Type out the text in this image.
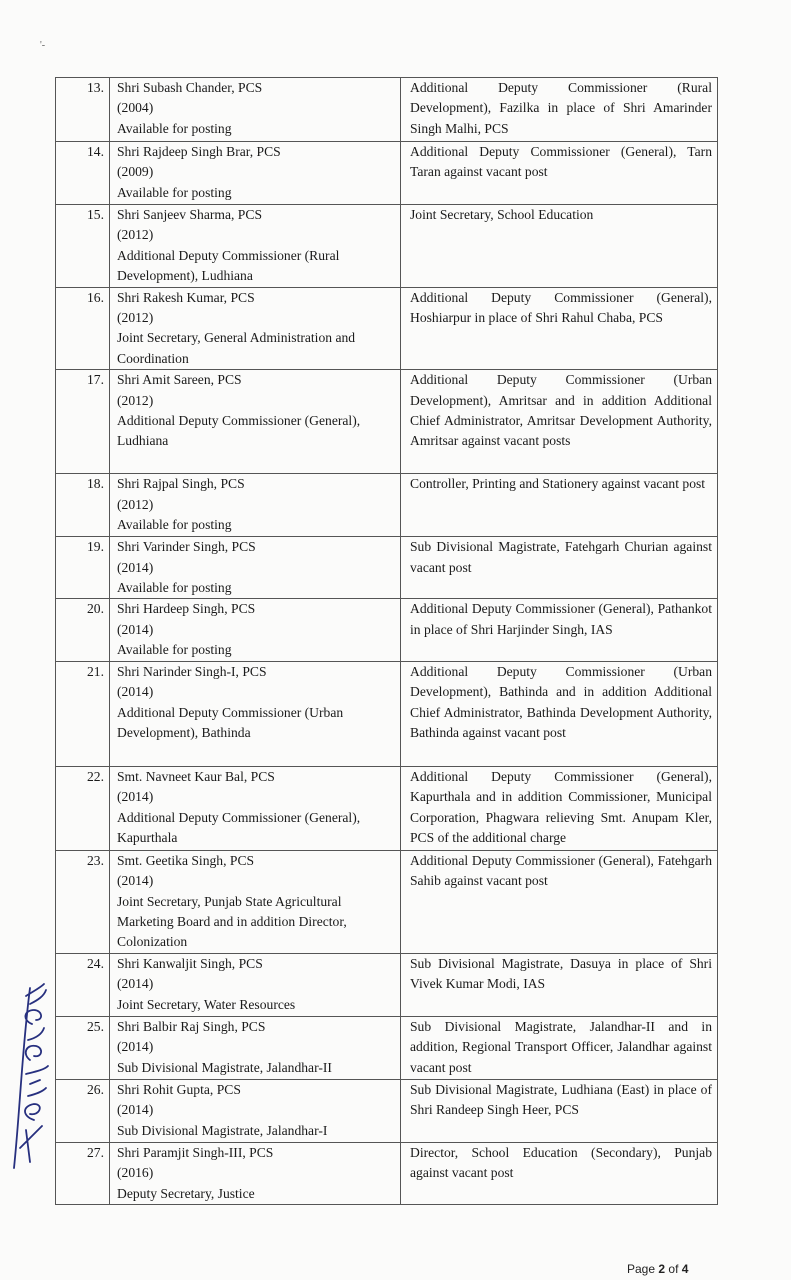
'-
13.	Shri Subash Chander, PCS
(2004)
Available for posting	Additional Deputy Commissioner (Rural Development), Fazilka in place of Shri Amarinder Singh Malhi, PCS
14.	Shri Rajdeep Singh Brar, PCS
(2009)
Available for posting	Additional Deputy Commissioner (General), Tarn Taran against vacant post
15.	Shri Sanjeev Sharma, PCS
(2012)
Additional Deputy Commissioner (Rural Development), Ludhiana	Joint Secretary, School Education
16.	Shri Rakesh Kumar, PCS
(2012)
Joint Secretary, General Administration and Coordination	Additional Deputy Commissioner (General), Hoshiarpur in place of Shri Rahul Chaba, PCS
17.	Shri Amit Sareen, PCS
(2012)
Additional Deputy Commissioner (General), Ludhiana	Additional Deputy Commissioner (Urban Development), Amritsar and in addition Additional Chief Administrator, Amritsar Development Authority, Amritsar against vacant posts
18.	Shri Rajpal Singh, PCS
(2012)
Available for posting	Controller, Printing and Stationery against vacant post
19.	Shri Varinder Singh, PCS
(2014)
Available for posting	Sub Divisional Magistrate, Fatehgarh Churian against vacant post
20.	Shri Hardeep Singh, PCS
(2014)
Available for posting	Additional Deputy Commissioner (General), Pathankot in place of Shri Harjinder Singh, IAS
21.	Shri Narinder Singh-I, PCS
(2014)
Additional Deputy Commissioner (Urban Development), Bathinda	Additional Deputy Commissioner (Urban Development), Bathinda and in addition Additional Chief Administrator, Bathinda Development Authority, Bathinda against vacant post
22.	Smt. Navneet Kaur Bal, PCS
(2014)
Additional Deputy Commissioner (General), Kapurthala	Additional Deputy Commissioner (General), Kapurthala and in addition Commissioner, Municipal Corporation, Phagwara relieving Smt. Anupam Kler, PCS of the additional charge
23.	Smt. Geetika Singh, PCS
(2014)
Joint Secretary, Punjab State Agricultural Marketing Board and in addition Director, Colonization	Additional Deputy Commissioner (General), Fatehgarh Sahib against vacant post
24.	Shri Kanwaljit Singh, PCS
(2014)
Joint Secretary, Water Resources	Sub Divisional Magistrate, Dasuya in place of Shri Vivek Kumar Modi, IAS
25.	Shri Balbir Raj Singh, PCS
(2014)
Sub Divisional Magistrate, Jalandhar-II	Sub Divisional Magistrate, Jalandhar-II and in addition, Regional Transport Officer, Jalandhar against vacant post
26.	Shri Rohit Gupta, PCS
(2014)
Sub Divisional Magistrate, Jalandhar-I	Sub Divisional Magistrate, Ludhiana (East) in place of Shri Randeep Singh Heer, PCS
27.	Shri Paramjit Singh-III, PCS
(2016)
Deputy Secretary, Justice	Director, School Education (Secondary), Punjab against vacant post
Page 2 of 4
